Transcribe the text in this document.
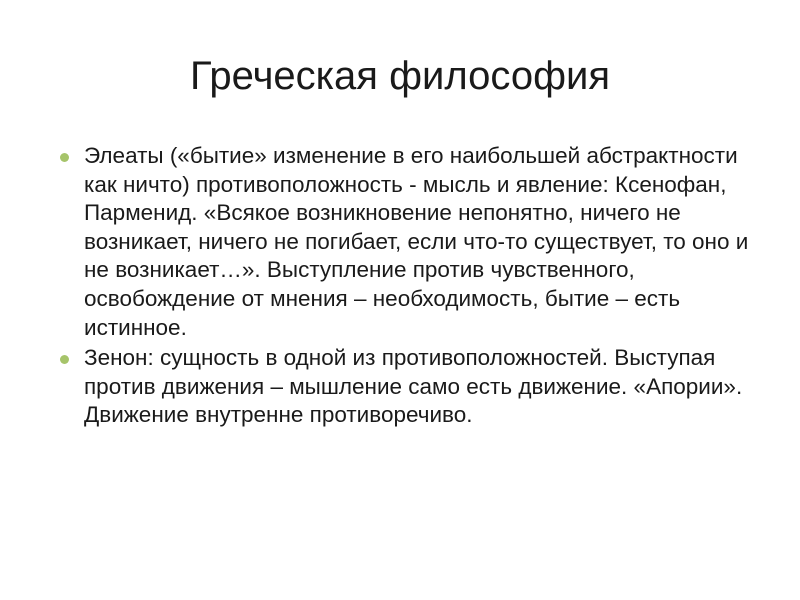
Греческая философия
Элеаты («бытие» изменение в его наибольшей абстрактности как ничто) противоположность - мысль и явление: Ксенофан, Парменид. «Всякое возникновение непонятно, ничего не возникает, ничего не погибает, если что-то существует, то оно и не возникает…». Выступление против чувственного, освобождение от мнения – необходимость, бытие – есть истинное.
Зенон: сущность в одной из противоположностей. Выступая против движения – мышление само есть движение. «Апории». Движение внутренне противоречиво.
